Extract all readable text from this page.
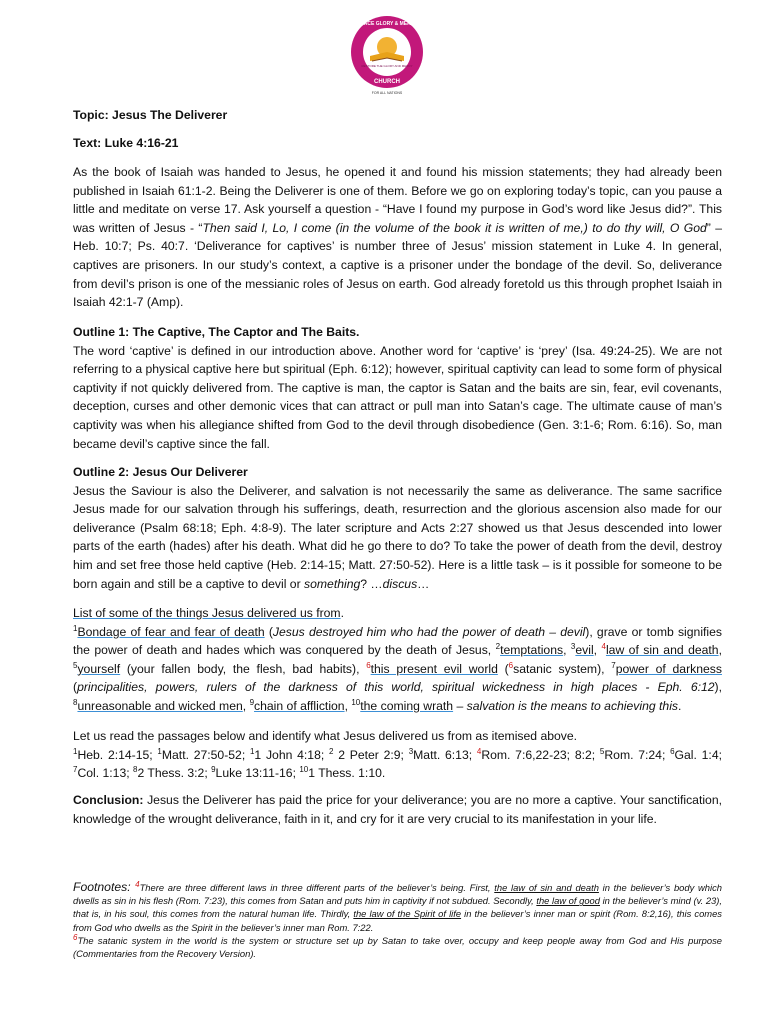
RESTORE THE GLORY AND MERCY
GRACE GLORY & MERCY
CHURCH
FOR ALL NATIONS

Topic: Jesus The Deliverer

Text: Luke 4:16-21

As the book of Isaiah was handed to Jesus, he opened it and found his mission statements; they had already been published in Isaiah 61:1-2. Being the Deliverer is one of them. Before we go on exploring today’s topic, can you pause a little and meditate on verse 17. Ask yourself a question - “Have I found my purpose in God’s word like Jesus did?”. This was written of Jesus - “Then said I, Lo, I come (in the volume of the book it is written of me,) to do thy will, O God” – Heb. 10:7; Ps. 40:7. ‘Deliverance for captives’ is number three of Jesus’ mission statement in Luke 4. In general, captives are prisoners. In our study’s context, a captive is a prisoner under the bondage of the devil. So, deliverance from devil’s prison is one of the messianic roles of Jesus on earth. God already foretold us this through prophet Isaiah in Isaiah 42:1-7 (Amp).

Outline 1: The Captive, The Captor and The Baits.
The word ‘captive’ is defined in our introduction above. Another word for ‘captive’ is ‘prey’ (Isa. 49:24-25). We are not referring to a physical captive here but spiritual (Eph. 6:12); however, spiritual captivity can lead to some form of physical captivity if not quickly delivered from. The captive is man, the captor is Satan and the baits are sin, fear, evil covenants, deception, curses and other demonic vices that can attract or pull man into Satan’s cage. The ultimate cause of man’s captivity was when his allegiance shifted from God to the devil through disobedience (Gen. 3:1-6; Rom. 6:16). So, man became devil’s captive since the fall.

Outline 2: Jesus Our Deliverer
Jesus the Saviour is also the Deliverer, and salvation is not necessarily the same as deliverance. The same sacrifice Jesus made for our salvation through his sufferings, death, resurrection and the glorious ascension also made for our deliverance (Psalm 68:18; Eph. 4:8-9). The later scripture and Acts 2:27 showed us that Jesus descended into lower parts of the earth (hades) after his death. What did he go there to do? To take the power of death from the devil, destroy him and set free those held captive (Heb. 2:14-15; Matt. 27:50-52). Here is a little task – is it possible for someone to be born again and still be a captive to devil or something? …discus…

List of some of the things Jesus delivered us from.
$^1$Bondage of fear and fear of death (Jesus destroyed him who had the power of death – devil), grave or tomb signifies the power of death and hades which was conquered by the death of Jesus, $^2$temptations, $^3$evil, $^4$law of sin and death, $^5$yourself (your fallen body, the flesh, bad habits), $^6$this present evil world ($^6$satanic system), $^7$power of darkness (principalities, powers, rulers of the darkness of this world, spiritual wickedness in high places - Eph. 6:12), $^8$unreasonable and wicked men, $^9$chain of affliction, $^{10}$the coming wrath – salvation is the means to achieving this.

Let us read the passages below and identify what Jesus delivered us from as itemised above.
$^1$Heb. 2:14-15; $^1$Matt. 27:50-52; $^1$1 John 4:18; $^2$ 2 Peter 2:9; $^3$Matt. 6:13; $^4$Rom. 7:6,22-23; 8:2; $^5$Rom. 7:24; $^6$Gal. 1:4; $^7$Col. 1:13; $^8$2 Thess. 3:2; $^9$Luke 13:11-16; $^{10}$1 Thess. 1:10.

Conclusion: Jesus the Deliverer has paid the price for your deliverance; you are no more a captive. Your sanctification, knowledge of the wrought deliverance, faith in it, and cry for it are very crucial to its manifestation in your life.

Footnotes: $^4$There are three different laws in three different parts of the believer’s being. First, the law of sin and death in the believer’s body which dwells as sin in his flesh (Rom. 7:23), this comes from Satan and puts him in captivity if not subdued. Secondly, the law of good in the believer’s mind (v. 23), that is, in his soul, this comes from the natural human life. Thirdly, the law of the Spirit of life in the believer’s inner man or spirit (Rom. 8:2,16), this comes from God who dwells as the Spirit in the believer’s inner man Rom. 7:22.
$^6$The satanic system in the world is the system or structure set up by Satan to take over, occupy and keep people away from God and His purpose (Commentaries from the Recovery Version).
